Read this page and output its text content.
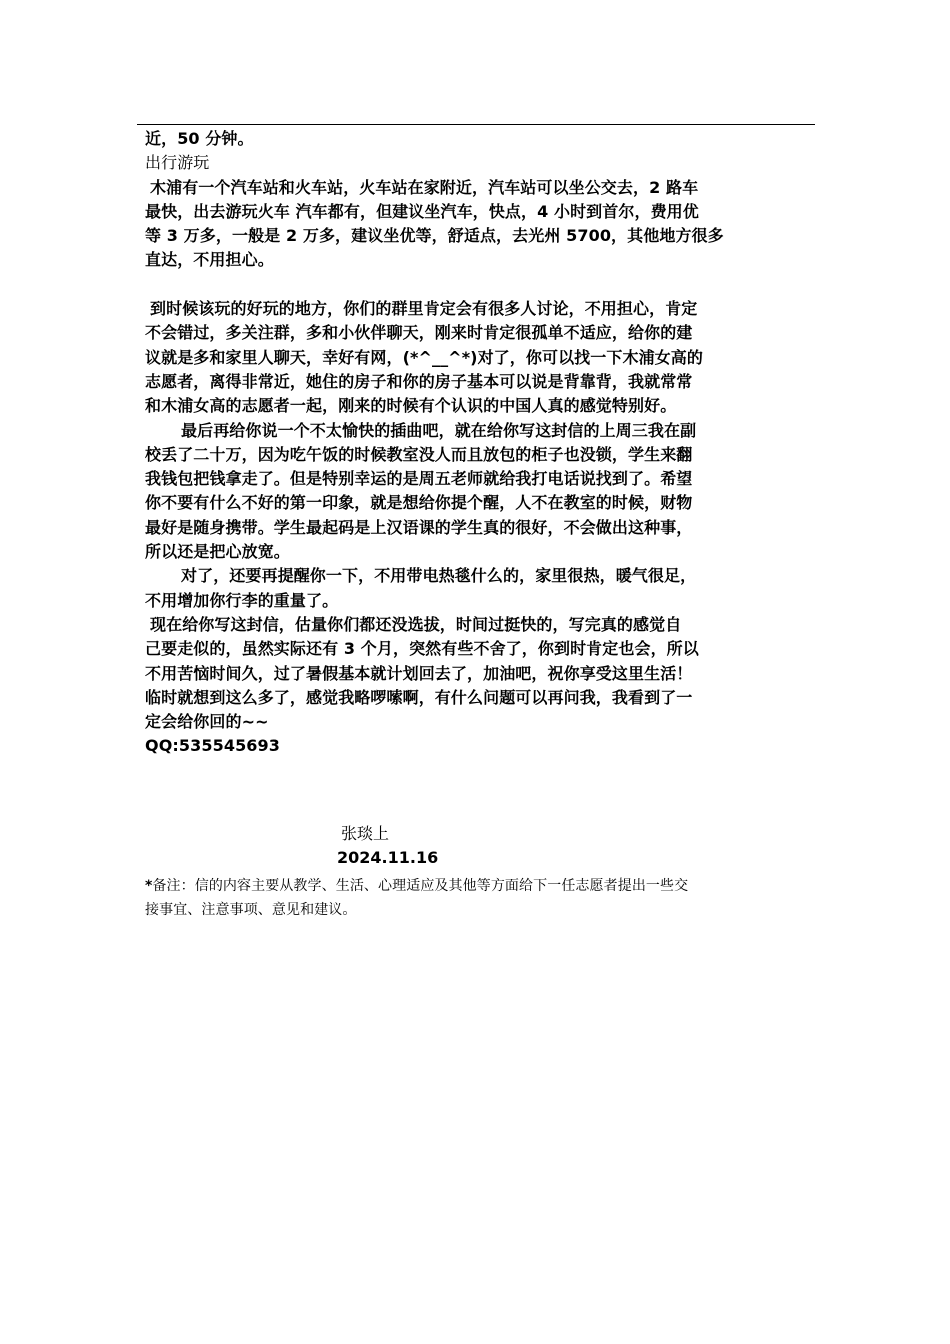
近，50 分钟。
出行游玩
木浦有一个汽车站和火车站，火车站在家附近，汽车站可以坐公交去，2 路车
最快，出去游玩火车 汽车都有，但建议坐汽车，快点，4 小时到首尔，费用优
等 3 万多，一般是 2 万多，建议坐优等，舒适点，去光州 5700，其他地方很多
直达，不用担心。
到时候该玩的好玩的地方，你们的群里肯定会有很多人讨论，不用担心，肯定
不会错过，多关注群，多和小伙伴聊天，刚来时肯定很孤单不适应，给你的建
议就是多和家里人聊天，幸好有网，(*^__^*)对了，你可以找一下木浦女高的
志愿者，离得非常近，她住的房子和你的房子基本可以说是背靠背，我就常常
和木浦女高的志愿者一起，刚来的时候有个认识的中国人真的感觉特别好。
最后再给你说一个不太愉快的插曲吧，就在给你写这封信的上周三我在副
校丢了二十万，因为吃午饭的时候教室没人而且放包的柜子也没锁，学生来翻
我钱包把钱拿走了。但是特别幸运的是周五老师就给我打电话说找到了。希望
你不要有什么不好的第一印象，就是想给你提个醒，人不在教室的时候，财物
最好是随身携带。学生最起码是上汉语课的学生真的很好，不会做出这种事，
所以还是把心放宽。
对了，还要再提醒你一下，不用带电热毯什么的，家里很热，暖气很足，
不用增加你行李的重量了。
现在给你写这封信，估量你们都还没选拔，时间过挺快的，写完真的感觉自
己要走似的，虽然实际还有 3 个月，突然有些不舍了，你到时肯定也会，所以
不用苦恼时间久，过了暑假基本就计划回去了，加油吧，祝你享受这里生活！
临时就想到这么多了，感觉我略啰嗦啊，有什么问题可以再问我，我看到了一
定会给你回的~~
QQ:535545693
张琰上
2024.11.16
*备注：信的内容主要从教学、生活、心理适应及其他等方面给下一任志愿者提出一些交
接事宜、注意事项、意见和建议。
